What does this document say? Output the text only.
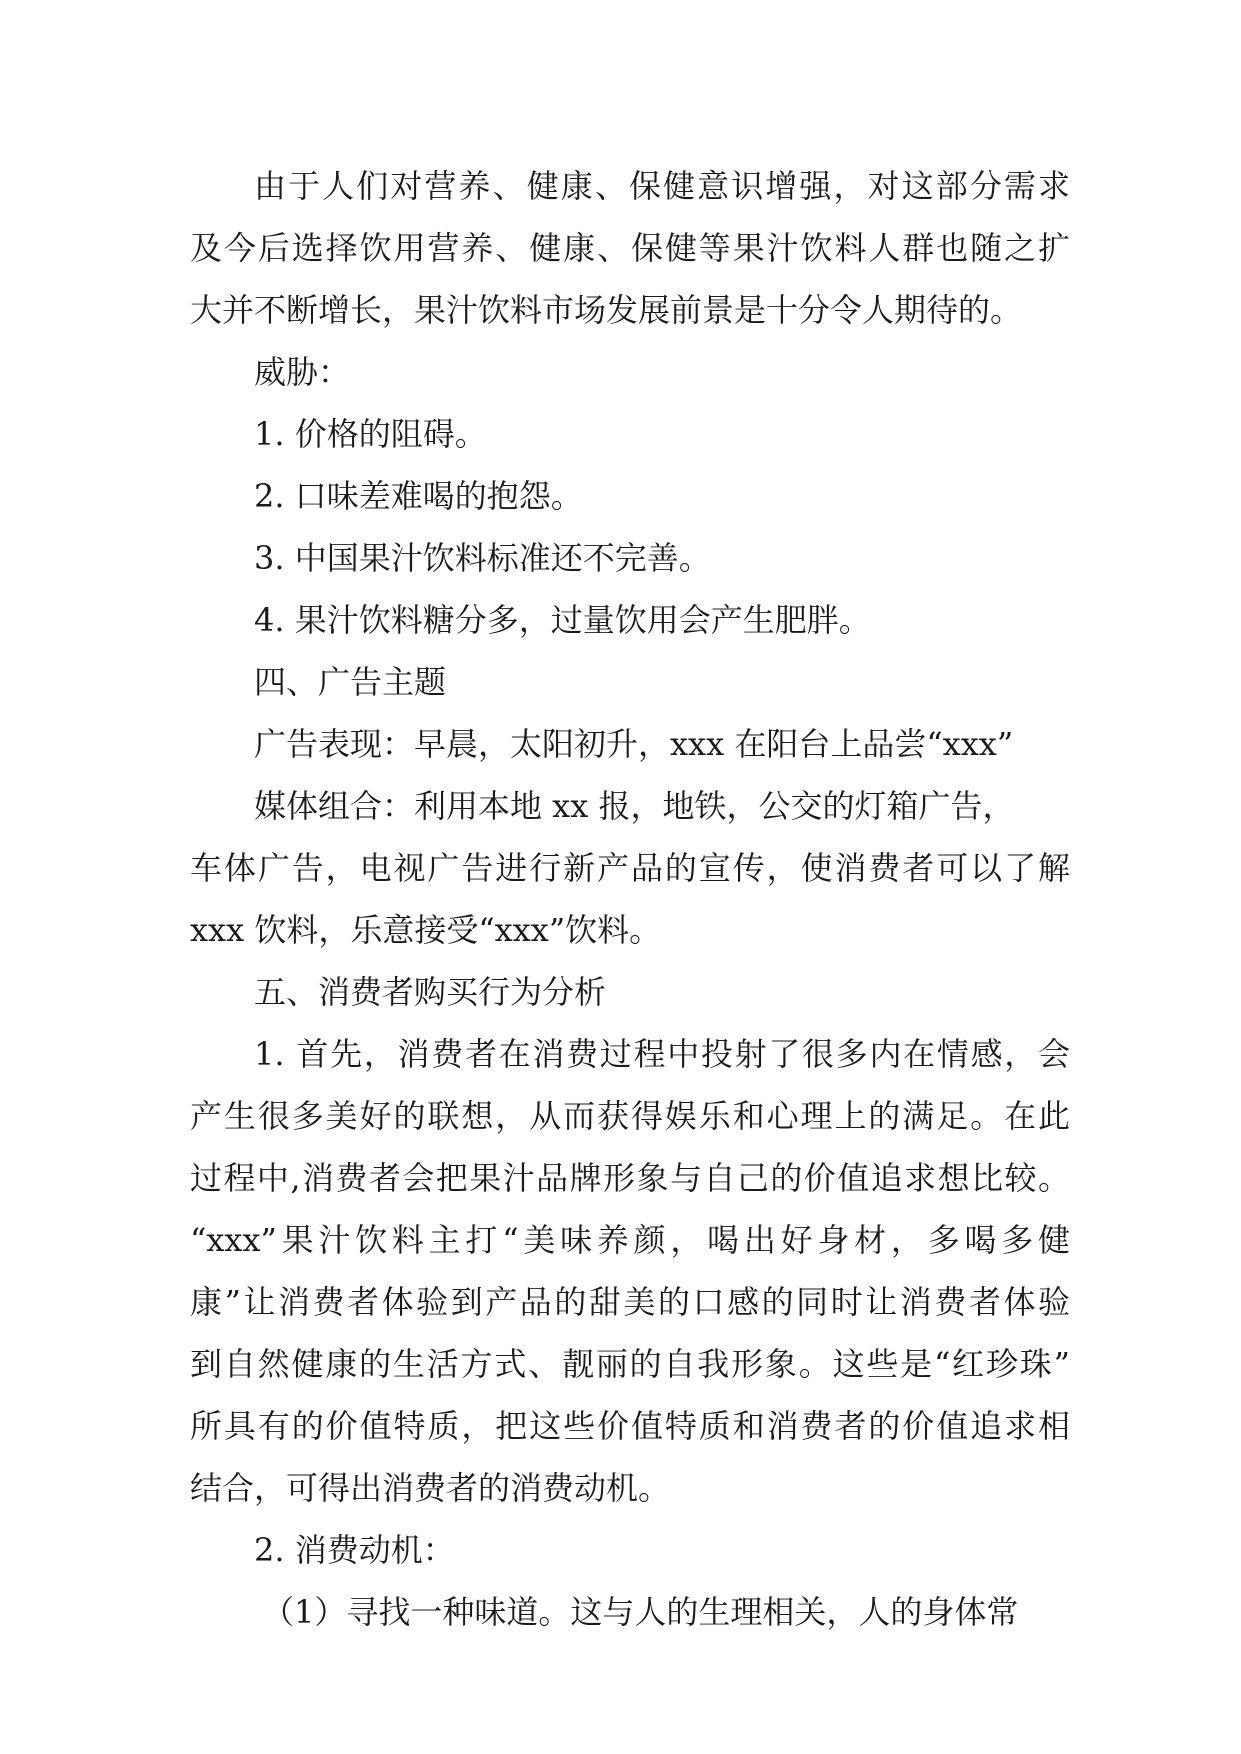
由于人们对营养、健康、保健意识增强，对这部分需求
及今后选择饮用营养、健康、保健等果汁饮料人群也随之扩
大并不断增长，果汁饮料市场发展前景是十分令人期待的。
威胁：
1. 价格的阻碍。
2. 口味差难喝的抱怨。
3. 中国果汁饮料标准还不完善。
4. 果汁饮料糖分多，过量饮用会产生肥胖。
四、广告主题
广告表现：早晨，太阳初升，xxx 在阳台上品尝“xxx”
媒体组合：利用本地 xx 报，地铁，公交的灯箱广告，
车体广告，电视广告进行新产品的宣传，使消费者可以了解
xxx 饮料，乐意接受“xxx”饮料。
五、消费者购买行为分析
1. 首先，消费者在消费过程中投射了很多内在情感，会
产生很多美好的联想，从而获得娱乐和心理上的满足。在此
过程中,消费者会把果汁品牌形象与自己的价值追求想比较。
“xxx”果汁饮料主打“美味养颜，喝出好身材，多喝多健
康”让消费者体验到产品的甜美的口感的同时让消费者体验
到自然健康的生活方式、靓丽的自我形象。这些是“红珍珠”
所具有的价值特质，把这些价值特质和消费者的价值追求相
结合，可得出消费者的消费动机。
2. 消费动机：
（1）寻找一种味道。这与人的生理相关，人的身体常
